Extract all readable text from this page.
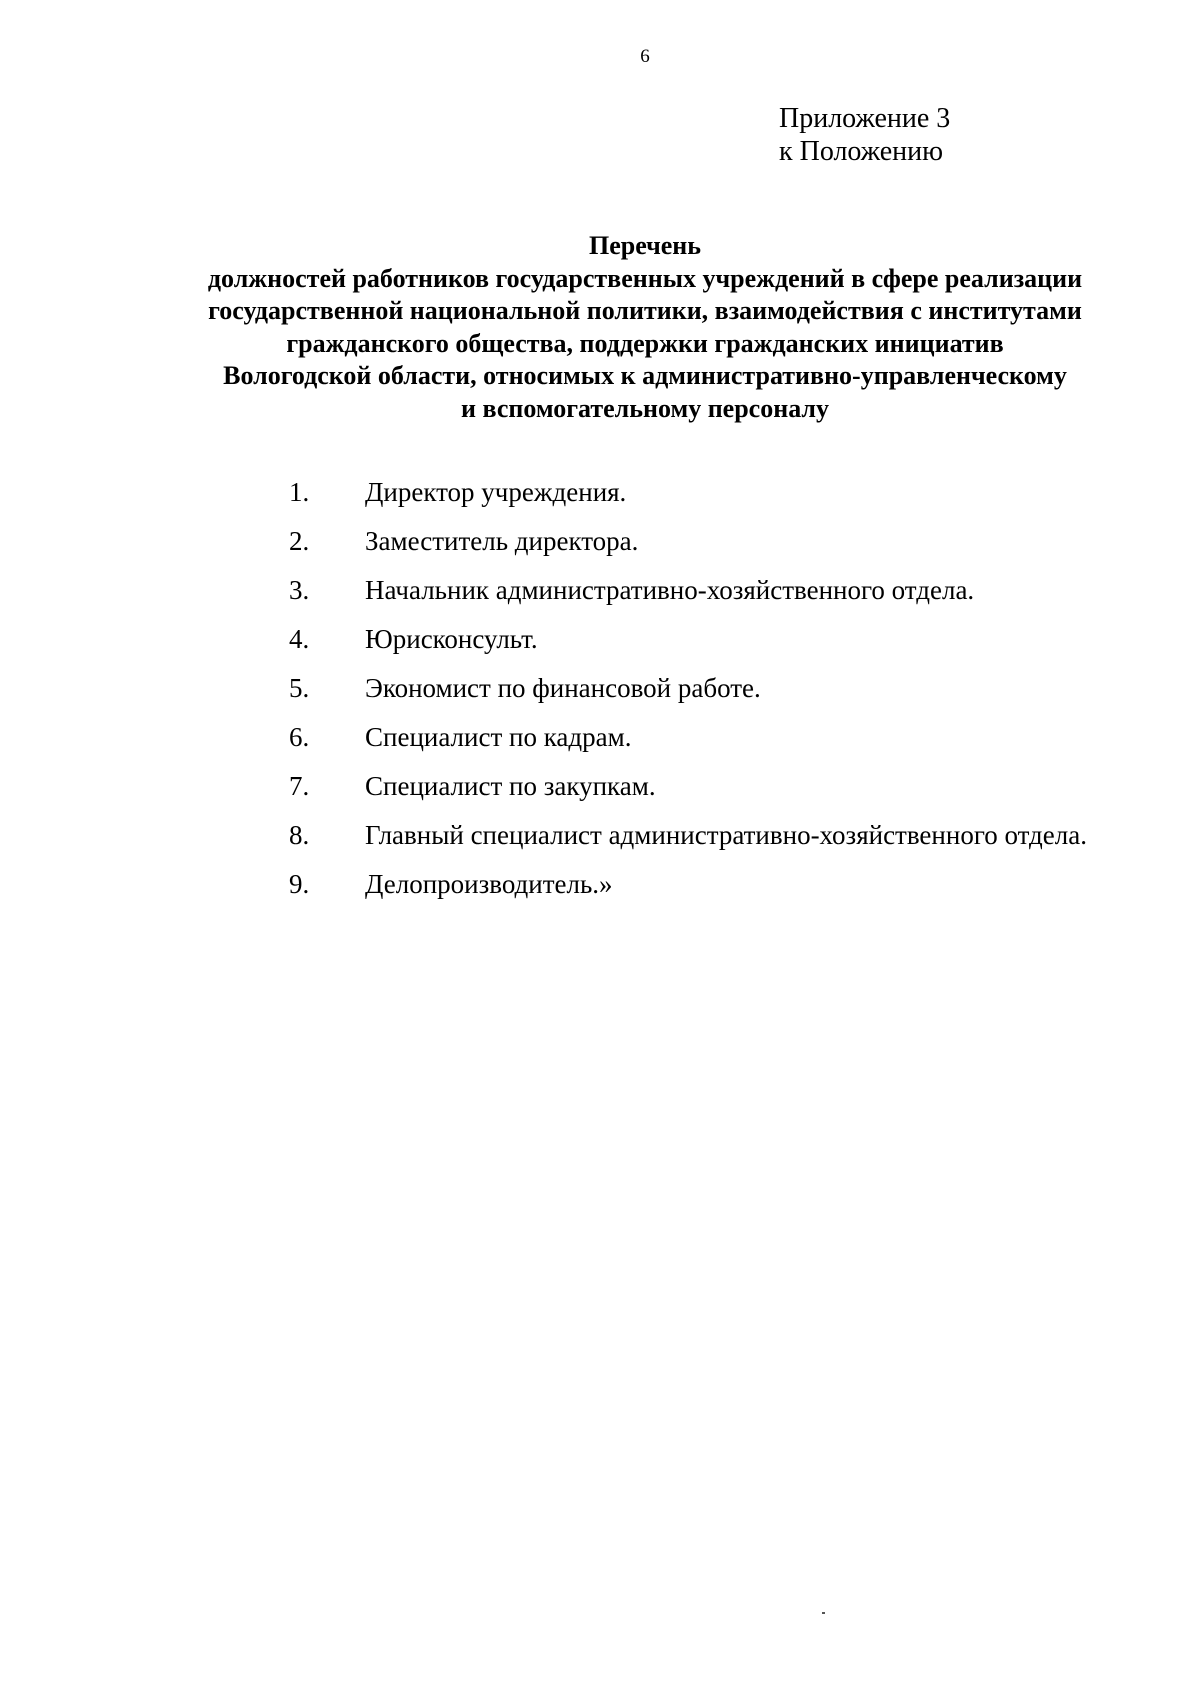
6
Приложение 3
к Положению
Перечень
должностей работников государственных учреждений в сфере реализации
государственной национальной политики, взаимодействия с институтами
гражданского общества, поддержки гражданских инициатив
Вологодской области, относимых к административно-управленческому
и вспомогательному персоналу
1. Директор учреждения.
2. Заместитель директора.
3. Начальник административно-хозяйственного отдела.
4. Юрисконсульт.
5. Экономист по финансовой работе.
6. Специалист по кадрам.
7. Специалист по закупкам.
8. Главный специалист административно-хозяйственного отдела.
9. Делопроизводитель.»
